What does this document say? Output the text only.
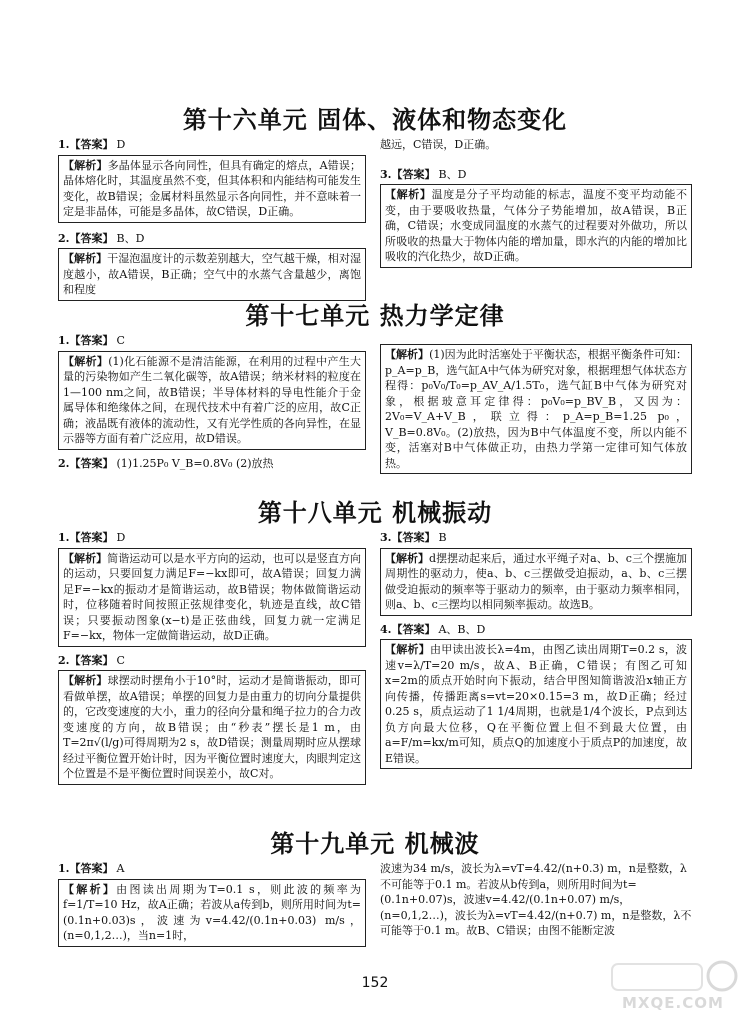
第十六单元 固体、液体和物态变化
1.【答案】 D

【解析】多晶体显示各向同性，但具有确定的熔点，A错误；晶体熔化时，其温度虽然不变，但其体积和内能结构可能发生变化，故B错误；金属材料虽然显示各向同性，并不意味着一定是非晶体，可能是多晶体，故C错误，D正确。

2.【答案】 B、D

【解析】干湿泡温度计的示数差别越大，空气越干燥，相对湿度越小，故A错误，B正确；空气中的水蒸气含量越少，离饱和程度

越远，C错误，D正确。

3.【答案】 B、D

【解析】温度是分子平均动能的标志，温度不变平均动能不变，由于要吸收热量，气体分子势能增加，故A错误，B正确，C错误；水变成同温度的水蒸气的过程要对外做功，所以所吸收的热量大于物体内能的增加量，即水汽的内能的增加比吸收的汽化热少，故D正确。

第十七单元 热力学定律
1.【答案】 C

【解析】(1)化石能源不是清洁能源，在利用的过程中产生大量的污染物如产生二氧化碳等，故A错误；纳米材料的粒度在1—100 nm之间，故B错误；半导体材料的导电性能介于金属导体和绝缘体之间，在现代技术中有着广泛的应用，故C正确；液晶既有液体的流动性，又有光学性质的各向异性，在显示器等方面有着广泛应用，故D错误。

2.【答案】 (1)1.25P₀ V_B=0.8V₀ (2)放热

【解析】(1)因为此时活塞处于平衡状态，根据平衡条件可知：p_A=p_B，选气缸A中气体为研究对象，根据理想气体状态方程得：p₀V₀/T₀=p_AV_A/1.5T₀，选气缸B中气体为研究对象，根据玻意耳定律得：p₀V₀=p_BV_B，又因为：2V₀=V_A+V_B，联立得：p_A=p_B=1.25 p₀，V_B=0.8V₀。(2)放热，因为B中气体温度不变，所以内能不变，活塞对B中气体做正功，由热力学第一定律可知气体放热。

第十八单元 机械振动
1.【答案】 D

【解析】简谐运动可以是水平方向的运动，也可以是竖直方向的运动，只要回复力满足F=−kx即可，故A错误；回复力满足F=−kx的振动才是简谐运动，故B错误；物体做简谐运动时，位移随着时间按照正弦规律变化，轨迹是直线，故C错误；只要振动图象(x−t)是正弦曲线，回复力就一定满足F=−kx，物体一定做简谐运动，故D正确。

2.【答案】 C

【解析】球摆动时摆角小于10°时，运动才是简谐振动，即可看做单摆，故A错误；单摆的回复力是由重力的切向分量提供的，它改变速度的大小，重力的径向分量和绳子拉力的合力改变速度的方向，故B错误；由“秒表”摆长是1 m，由T=2π√(l/g)可得周期为2 s，故D错误；测量周期时应从摆球经过平衡位置开始计时，因为平衡位置时速度大，肉眼判定这个位置是不是平衡位置时间误差小，故C对。

3.【答案】 B

【解析】d摆摆动起来后，通过水平绳子对a、b、c三个摆施加周期性的驱动力，使a、b、c三摆做受迫振动，a、b、c三摆做受迫振动的频率等于驱动力的频率，由于驱动力频率相同，则a、b、c三摆均以相同频率振动。故选B。

4.【答案】 A、B、D

【解析】由甲读出波长λ=4m，由图乙读出周期T=0.2 s，波速v=λ/T=20 m/s，故A、B正确，C错误；有图乙可知x=2m的质点开始时向下振动，结合甲图知简谐波沿x轴正方向传播，传播距离s=vt=20×0.15=3 m，故D正确；经过0.25 s，质点运动了1 1/4周期，也就是1/4个波长，P点到达负方向最大位移，Q在平衡位置上但不到最大位置，由a=F/m=kx/m可知，质点Q的加速度小于质点P的加速度，故E错误。

第十九单元 机械波
1.【答案】 A

【解析】由图读出周期为T=0.1 s，则此波的频率为f=1/T=10 Hz，故A正确；若波从a传到b，则所用时间为t=(0.1n+0.03)s，波速为v=4.42/(0.1n+0.03) m/s，(n=0,1,2…)，当n=1时，

波速为34 m/s，波长为λ=vT=4.42/(n+0.3) m，n是整数，λ不可能等于0.1 m。若波从b传到a，则所用时间为t=(0.1n+0.07)s，波速v=4.42/(0.1n+0.07) m/s，(n=0,1,2…)，波长为λ=vT=4.42/(n+0.7) m，n是整数，λ不可能等于0.1 m。故B、C错误；由图不能断定波

152
MXQE.COM
